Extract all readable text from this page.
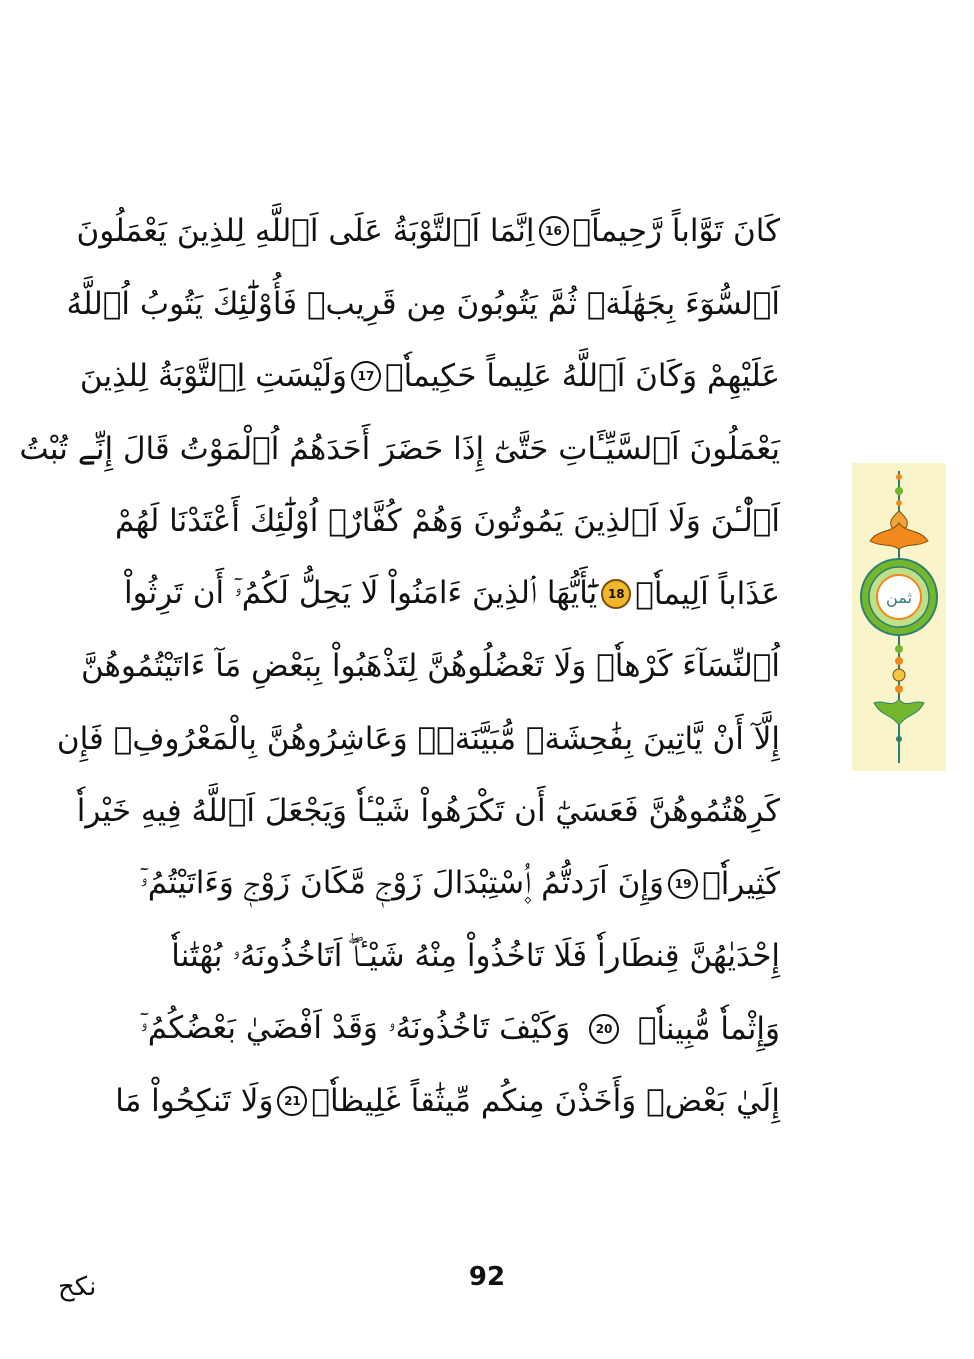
كَانَ تَوَّاباً رَّحِيماًۖ
16
اِنَّمَا اَ۬لتَّوْبَةُ عَلَى اَ۬للَّهِ لِلذِينَ يَعْمَلُونَ
اَ۬لسُّوٓءَ بِجَهَٰلَةٖ ثُمَّ يَتُوبُونَ مِن قَرِيبٖ فَأُوْلَٰٓئِكَ يَتُوبُ اُ۬للَّهُ
عَلَيْهِمْ وَكَانَ اَ۬للَّهُ عَلِيماً حَكِيماٗۖ
17
وَلَيْسَتِ اِ۬لتَّوْبَةُ لِلذِينَ
يَعْمَلُونَ اَ۬لسَّيِّـَٔاتِ حَتَّىٰٓ إِذَا حَضَرَ أَحَدَهُمُ اُ۬لْمَوْتُ قَالَ إِنِّے تُبْتُ
اَ۬لْٰـٔنَ وَلَا اَ۬لذِينَ يَمُوتُونَ وَهُمْ كُفَّارٌۖ اُوْلَٰٓئِكَ أَعْتَدْنَا لَهُمْ
عَذَاباً اَلِيماٗۖ
18
يَٰٓأَيُّهَا اَ۬لذِينَ ءَامَنُواْ لَا يَحِلُّ لَكُمُۥٓ أَن تَرِثُواْ
اُ۬لنِّسَآءَ كَرْهاٗۖ وَلَا تَعْضُلُوهُنَّ لِتَذْهَبُواْ بِبَعْضِ مَآ ءَاتَيْتُمُوهُنَّ
إِلَّآ أَنْ يَّاتِينَ بِفَٰحِشَةٖ مُّبَيَّنَةٖۖ وَعَاشِرُوهُنَّ بِالْمَعْرُوفِۖ فَإِن
كَرِهْتُمُوهُنَّ فَعَسَيٰٓ أَن تَكْرَهُواْ شَيْـٔاٗ وَيَجْعَلَ اَ۬للَّهُ فِيهِ خَيْراٗ
كَثِيراٗۖ
19
وَإِنَ اَرَدتُّمُ اُ۪سْتِبْدَالَ زَوْجٖ مَّكَانَ زَوْجٖ وَءَاتَيْتُمُۥٓ
إِحْدَيٰهُنَّ قِنطَاراٗ فَلَا تَاخُذُواْ مِنْهُ شَيْـٔاًۖ اَتَاخُذُونَهُۥ بُهْتَٰناٗ
وَإِثْماٗ مُّبِيناٗۖ
20
وَكَيْفَ تَاخُذُونَهُۥ وَقَدْ اَفْضَيٰ بَعْضُكُمُۥٓ
إِلَيٰ بَعْضٖ وَأَخَذْنَ مِنكُم مِّيثَٰقاً غَلِيظاٗۖ
21
وَلَا تَنكِحُواْ مَا
ثمن
92
نكح
